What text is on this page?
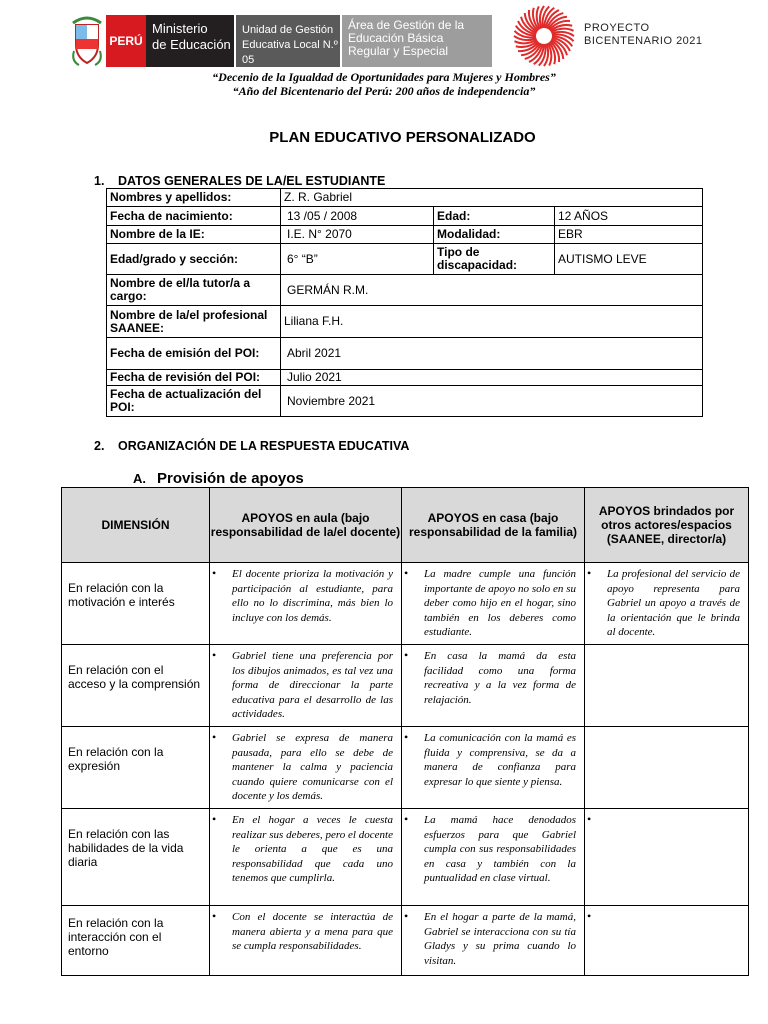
PERÚ
Ministerio
de Educación
Unidad de Gestión
Educativa Local N.º 05
Área de Gestión de la
Educación Básica
Regular y Especial
PROYECTO
BICENTENARIO 2021
“Decenio de la Igualdad de Oportunidades para Mujeres y Hombres”
“Año del Bicentenario del Perú: 200 años de independencia”
PLAN EDUCATIVO PERSONALIZADO
1. DATOS GENERALES DE LA/EL ESTUDIANTE
Nombres y apellidos:	Z. R. Gabriel		
Fecha de nacimiento:	13 /05 / 2008	Edad:	12 AÑOS
Nombre de la IE:	I.E. N° 2070	Modalidad:	EBR
Edad/grado y sección:	6° “B”	Tipo de discapacidad:	AUTISMO LEVE
Nombre de el/la tutor/a a cargo:	GERMÁN R.M.		
Nombre de la/el profesional SAANEE:	Liliana F.H.		
Fecha de emisión del POI:	Abril 2021		
Fecha de revisión del POI:	Julio 2021		
Fecha de actualización del POI:	Noviembre 2021		
2. ORGANIZACIÓN DE LA RESPUESTA EDUCATIVA
A. Provisión de apoyos
DIMENSIÓN	APOYOS en aula (bajo responsabilidad de la/el docente)	APOYOS en casa (bajo responsabilidad de la familia)	APOYOS brindados por otros actores/espacios (SAANEE, director/a)
En relación con la motivación e interés	• El docente prioriza la motivación y participación al estudiante, para ello no lo discrimina, más bien lo incluye con los demás.	• La madre cumple una función importante de apoyo no solo en su deber como hijo en el hogar, sino también en los deberes como estudiante.	• La profesional del servicio de apoyo representa para Gabriel un apoyo a través de la orientación que le brinda al docente.

En relación con el acceso y la comprensión	• Gabriel tiene una preferencia por los dibujos animados, es tal vez una forma de direccionar la parte educativa para el desarrollo de las actividades.	• En casa la mamá da esta facilidad como una forma recreativa y a la vez forma de relajación.	

En relación con la expresión	• Gabriel se expresa de manera pausada, para ello se debe de mantener la calma y paciencia cuando quiere comunicarse con el docente y los demás.	• La comunicación con la mamá es fluida y comprensiva, se da a manera de confianza para expresar lo que siente y piensa.	

En relación con las habilidades de la vida diaria	• En el hogar a veces le cuesta realizar sus deberes, pero el docente le orienta a que es una responsabilidad que cada uno tenemos que cumplirla.	• La mamá hace denodados esfuerzos para que Gabriel cumpla con sus responsabilidades en casa y también con la puntualidad en clase virtual.	•

En relación con la interacción con el entorno	• Con el docente se interactúa de manera abierta y a mena para que se cumpla responsabilidades.	• En el hogar a parte de la mamá, Gabriel se interacciona con su tía Gladys y su prima cuando lo visitan.	•
